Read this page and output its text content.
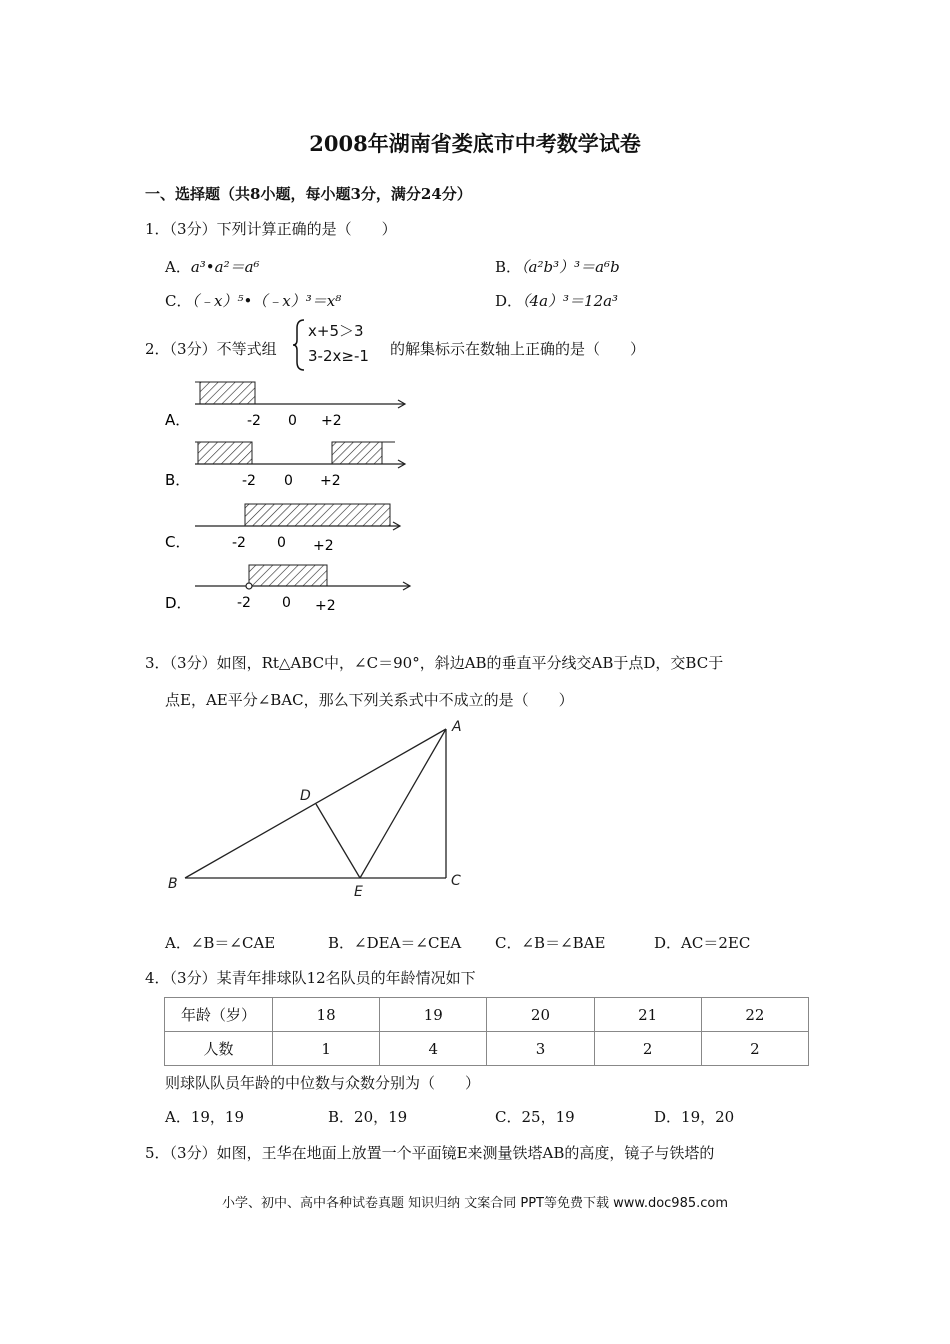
2008年湖南省娄底市中考数学试卷
一、选择题（共8小题，每小题3分，满分24分）
1．（3分）下列计算正确的是（　　）
A．a³•a²＝a⁶	B．（a²b³）³＝a⁶b
C．（﹣x）⁵•（﹣x）³＝x⁸	D．（4a）³＝12a³
2．（3分）不等式组
x+5＞3
3-2x≥-1 的解集标示在数轴上正确的是（　　）
A．	-2 0 +2
B．	-2 0 +2
C．	-2 0 +2
D．	-2 0 +2
3．（3分）如图，Rt△ABC中，∠C＝90°，斜边AB的垂直平分线交AB于点D，交BC于
点E，AE平分∠BAC，那么下列关系式中不成立的是（　　）
A
B	C
D
E
A．∠B＝∠CAE	B．∠DEA＝∠CEA C．∠B＝∠BAE	D．AC＝2EC
4．（3分）某青年排球队12名队员的年龄情况如下
年龄（岁）	18	19	20	21	22
人数	1	4	3	2	2
则球队队员年龄的中位数与众数分别为（　　）
A．19，19	B．20，19	C．25，19	D．19，20
5．（3分）如图，王华在地面上放置一个平面镜E来测量铁塔AB的高度，镜子与铁塔的
小学、初中、高中各种试卷真题 知识归纳 文案合同 PPT等免费下载 www.doc985.com
